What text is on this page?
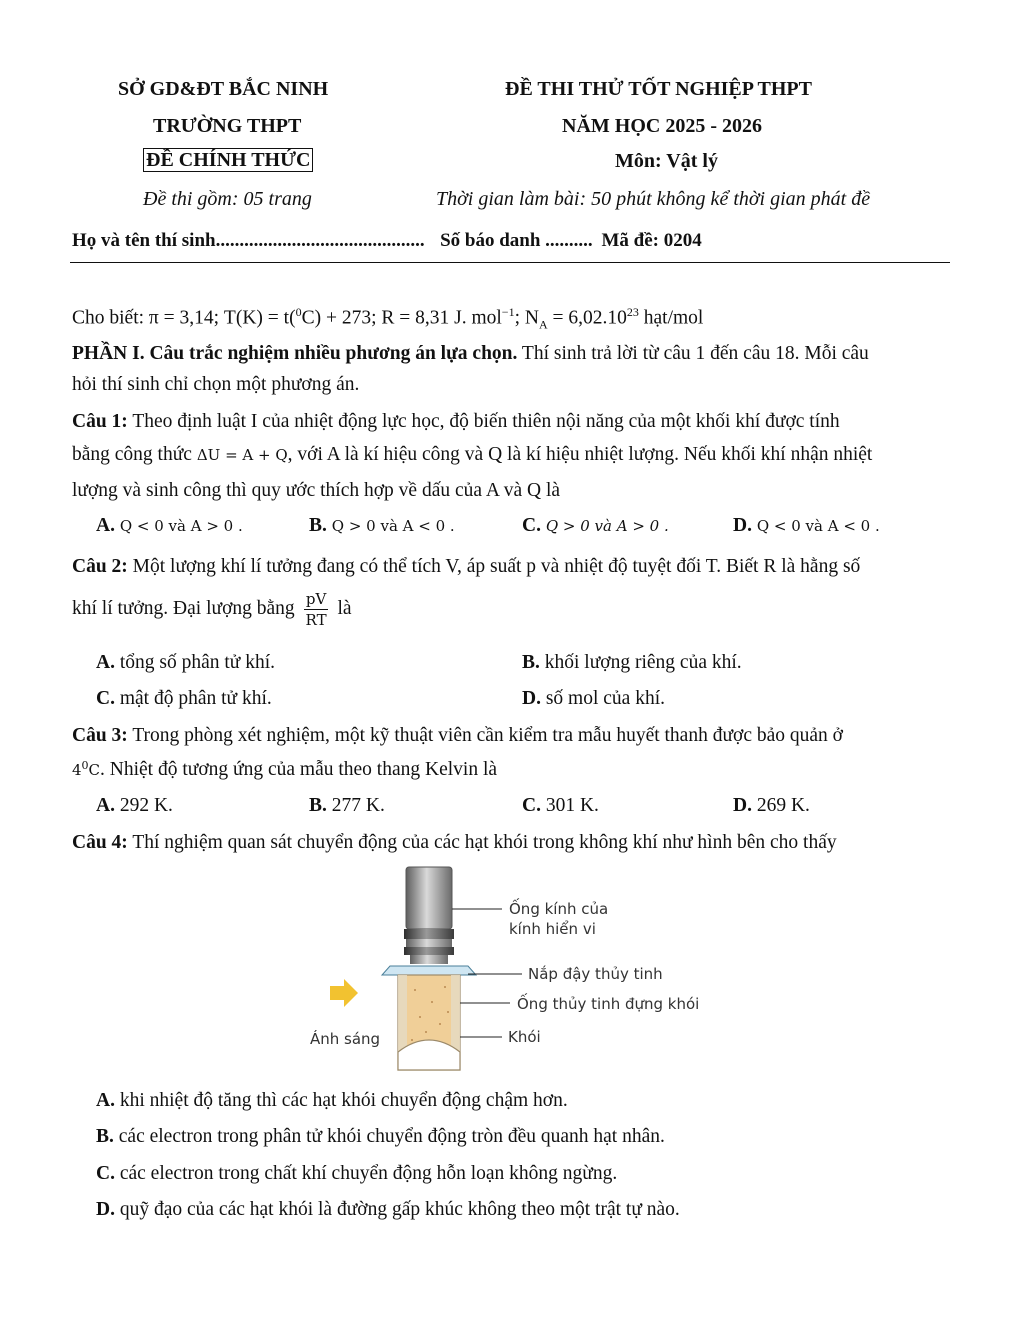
SỞ GD&ĐT BẮC NINH
TRƯỜNG THPT
ĐỀ CHÍNH THỨC
Đề thi gồm: 05 trang
ĐỀ THI THỬ TỐT NGHIỆP THPT
NĂM HỌC 2025 - 2026
Môn: Vật lý
Thời gian làm bài: 50 phút không kể thời gian phát đề
Họ và tên thí sinh............................................ Số báo danh .......... Mã đề: 0204
Cho biết: π = 3,14; T(K) = t($^0$C) + 273; R = 8,31 J. mol$^{-1}$; $N_A = 6,02.10^{23}$ hạt/mol
PHẦN I. Câu trắc nghiệm nhiều phương án lựa chọn. Thí sinh trả lời từ câu 1 đến câu 18. Mỗi câu
hỏi thí sinh chỉ chọn một phương án.
Câu 1: Theo định luật I của nhiệt động lực học, độ biến thiên nội năng của một khối khí được tính
bằng công thức ΔU = A + Q, với A là kí hiệu công và Q là kí hiệu nhiệt lượng. Nếu khối khí nhận nhiệt
lượng và sinh công thì quy ước thích hợp về dấu của A và Q là
A. Q < 0 và A > 0 .	B. Q > 0 và A < 0 .	C. Q > 0 và A > 0 .	D. Q < 0 và A < 0 .
Câu 2: Một lượng khí lí tưởng đang có thể tích V, áp suất p và nhiệt độ tuyệt đối T. Biết R là hằng số
khí lí tưởng. Đại lượng bằng $\frac{pV}{RT}$ là
A. tổng số phân tử khí.	B. khối lượng riêng của khí.
C. mật độ phân tử khí.	D. số mol của khí.
Câu 3: Trong phòng xét nghiệm, một kỹ thuật viên cần kiểm tra mẫu huyết thanh được bảo quản ở
$4^0C$. Nhiệt độ tương ứng của mẫu theo thang Kelvin là
A. 292 K.	B. 277 K.	C. 301 K.	D. 269 K.
Câu 4: Thí nghiệm quan sát chuyển động của các hạt khói trong không khí như hình bên cho thấy
Ống kính của
kính hiển vi
Nắp đậy thủy tinh
Ống thủy tinh đựng khói
Ánh sáng	Khói
A. khi nhiệt độ tăng thì các hạt khói chuyển động chậm hơn.
B. các electron trong phân tử khói chuyển động tròn đều quanh hạt nhân.
C. các electron trong chất khí chuyển động hỗn loạn không ngừng.
D. quỹ đạo của các hạt khói là đường gấp khúc không theo một trật tự nào.
